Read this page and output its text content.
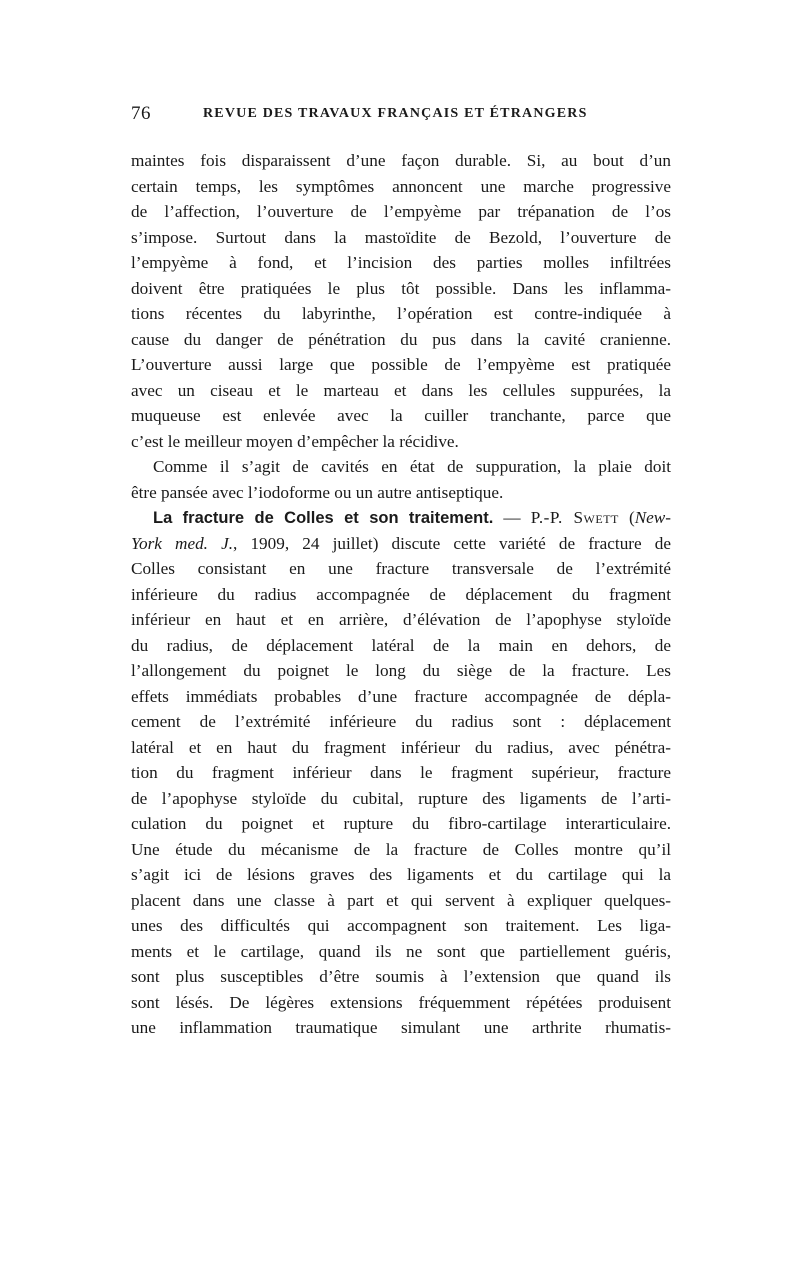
76	REVUE DES TRAVAUX FRANÇAIS ET ÉTRANGERS
maintes fois disparaissent d’une façon durable. Si, au bout d’un
certain temps, les symptômes annoncent une marche progressive
de l’affection, l’ouverture de l’empyème par trépanation de l’os
s’impose. Surtout dans la mastoïdite de Bezold, l’ouverture de
l’empyème à fond, et l’incision des parties molles infiltrées
doivent être pratiquées le plus tôt possible. Dans les inflamma-
tions récentes du labyrinthe, l’opération est contre-indiquée à
cause du danger de pénétration du pus dans la cavité cranienne.
L’ouverture aussi large que possible de l’empyème est pratiquée
avec un ciseau et le marteau et dans les cellules suppurées, la
muqueuse est enlevée avec la cuiller tranchante, parce que
c’est le meilleur moyen d’empêcher la récidive.
Comme il s’agit de cavités en état de suppuration, la plaie doit
être pansée avec l’iodoforme ou un autre antiseptique.
La fracture de Colles et son traitement. — P.-P. Swett (New-
York med. J., 1909, 24 juillet) discute cette variété de fracture de
Colles consistant en une fracture transversale de l’extrémité
inférieure du radius accompagnée de déplacement du fragment
inférieur en haut et en arrière, d’élévation de l’apophyse styloïde
du radius, de déplacement latéral de la main en dehors, de
l’allongement du poignet le long du siège de la fracture. Les
effets immédiats probables d’une fracture accompagnée de dépla-
cement de l’extrémité inférieure du radius sont : déplacement
latéral et en haut du fragment inférieur du radius, avec pénétra-
tion du fragment inférieur dans le fragment supérieur, fracture
de l’apophyse styloïde du cubital, rupture des ligaments de l’arti-
culation du poignet et rupture du fibro-cartilage interarticulaire.
Une étude du mécanisme de la fracture de Colles montre qu’il
s’agit ici de lésions graves des ligaments et du cartilage qui la
placent dans une classe à part et qui servent à expliquer quelques-
unes des difficultés qui accompagnent son traitement. Les liga-
ments et le cartilage, quand ils ne sont que partiellement guéris,
sont plus susceptibles d’être soumis à l’extension que quand ils
sont lésés. De légères extensions fréquemment répétées produisent
une inflammation traumatique simulant une arthrite rhumatis-
